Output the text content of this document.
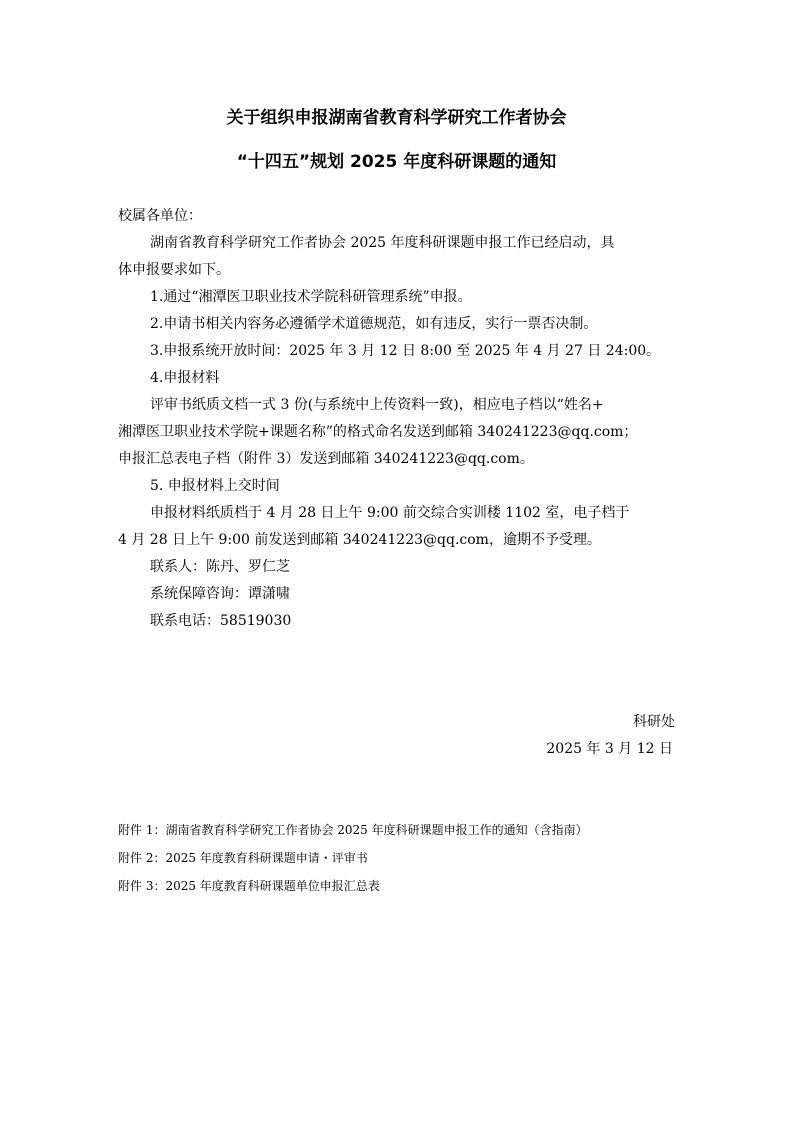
关于组织申报湖南省教育科学研究工作者协会
“十四五”规划 2025 年度科研课题的通知
校属各单位：
湖南省教育科学研究工作者协会 2025 年度科研课题申报工作已经启动，具
体申报要求如下。
1.通过“湘潭医卫职业技术学院科研管理系统”申报。
2.申请书相关内容务必遵循学术道德规范，如有违反，实行一票否决制。
3.申报系统开放时间：2025 年 3 月 12 日 8:00 至 2025 年 4 月 27 日 24:00。
4.申报材料
评审书纸质文档一式 3 份(与系统中上传资料一致)，相应电子档以“姓名+
湘潭医卫职业技术学院+课题名称”的格式命名发送到邮箱 340241223@qq.com；
申报汇总表电子档（附件 3）发送到邮箱 340241223@qq.com。
5. 申报材料上交时间
申报材料纸质档于 4 月 28 日上午 9:00 前交综合实训楼 1102 室，电子档于
4 月 28 日上午 9:00 前发送到邮箱 340241223@qq.com，逾期不予受理。
联系人：陈丹、罗仁芝
系统保障咨询：谭潇啸
联系电话：58519030
科研处
2025 年 3 月 12 日
附件 1：湖南省教育科学研究工作者协会 2025 年度科研课题申报工作的通知（含指南）
附件 2：2025 年度教育科研课题申请・评审书
附件 3：2025 年度教育科研课题单位申报汇总表
